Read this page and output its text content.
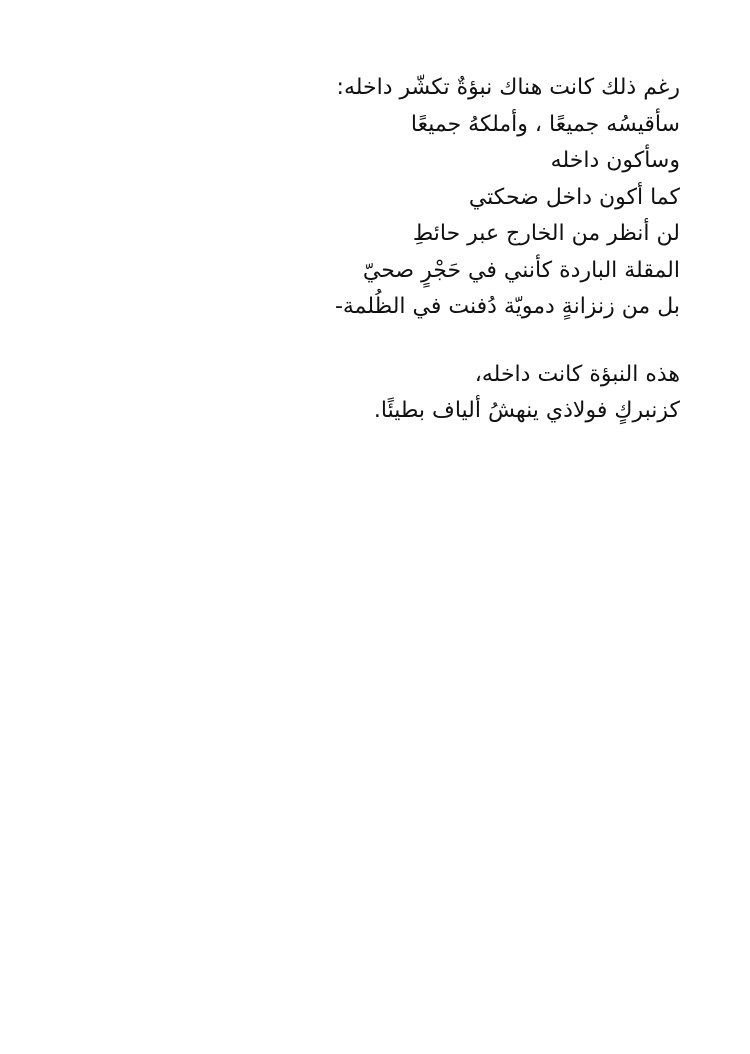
رغم ذلك كانت هناك نبؤةٌ تكشّر داخله:
سأقيسُه جميعًا ، وأملكهُ جميعًا
وسأكون داخله
كما أكون داخل ضحكتي
لن أنظر من الخارج عبر حائطِ
المقلة الباردة كأنني في حَجْرٍ صحيّ
بل من زنزانةٍ دمويّة دُفنت في الظُلمة-

هذه النبؤة كانت داخله،
كزنبركٍ فولاذي ينهشُ ألياف بطيئًا.
